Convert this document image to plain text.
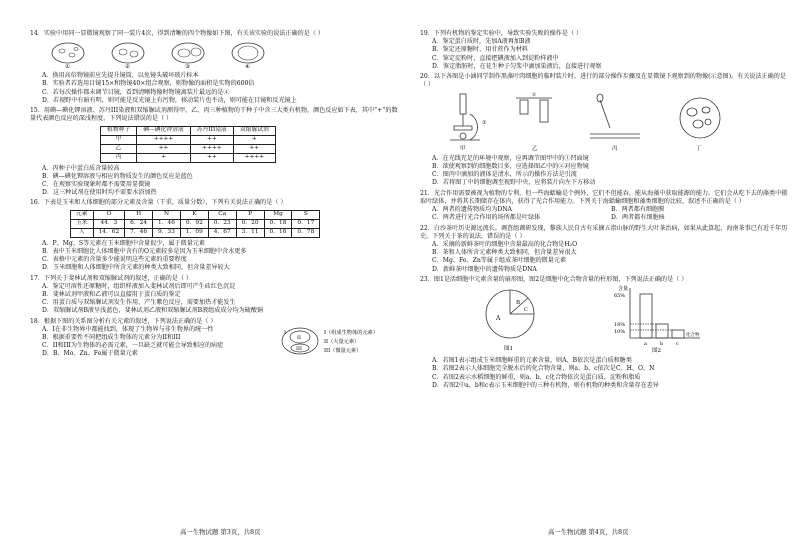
14．实验中用同一显微镜观察了同一装片4次，得到清晰的四个物像如下图，有关该实验的说法正确的是（ ）
①	②	③	④
A．换用高倍物镜前应先提升镜筒，以免镜头破坏玻片标本
B．实验者若选用目镜15×和物镜40×组合观察，则物像的面积是实物的600倍
C．若每次操作都未调节目镜，看到清晰物像时物镜离装片最远的是④
D．若视野中有暗有明，则可能是反光镜上有污物，移动装片也不动，则可能在目镜和反光镜上
15．用碘—碘化钾溶液、苏丹III染液和双缩脲试剂测得甲、乙、丙三种植物的干种子中含三大类有机物，颜色反应如下表，其中“+”的数量代表颜色反应的深浅程度，下列说法错误的是（ ）
植物种子	碘—碘化钾溶液	苏丹III染液	双缩脲试剂
甲	++++	++	+
乙	++	++++	++
丙	+	++	++++
A．丙种子中蛋白质含量较高
B．碘—碘化钾溶液与相应的物质发生的颜色反应是蓝色
C．在观察实验现象时都不需要用显微镜
D．这三种试剂在使用时均不需要水浴加热
16．下表是玉米和人体细胞的部分元素及含量（干重，质量分数），下列有关说法正确的是（ ）
元素	O	H	N	K	Ca	P	Mg	S
玉米	44．3	6．24	1．46	0．92	0．23	0．20	0．18	0．17
人	14．62	7．46	9．33	1．09	4．67	3．11	0．16	0．78
A．P、Mg、S等元素在玉米细胞中含量很少，属于微量元素
B．表中玉米细胞比人体细胞中含有的O元素较多是因为玉米细胞中含水更多
C．表格中元素的含量多少能说明这些元素的重要程度
D．玉米细胞和人体细胞中所含元素的种类大致相同，但含量差异较大
17．下列关于斐林试剂和双缩脲试剂的叙述，正确的是（ ）
A．鉴定可溶性还原糖时，组织样液加入斐林试剂后即可产生砖红色沉淀
B．斐林试剂甲液和乙液可以直接用于蛋白质的鉴定
C．用蛋白质与双缩脲试剂发生作用，产生紫色反应，需要加热才能发生
D．双缩脲试剂B液呈浅蓝色，斐林试剂乙液和双缩脲试剂B液组成成分均为硫酸铜
18．根据下图的关系图分析有关元素的叙述，下列说法正确的是（ ）
I
II
III
I（组成生物体的元素）
II（大量元素）
III（微量元素）
A．I在非生物界中都能找到，体现了生物界与非生物界的统一性
B．根据重要性不同把组成生物体的元素分为II和III
C．II和III为生物体的必需元素，一旦缺乏就可能会导致相应的病症
D．B、Mo、Zn、Fe属于微量元素
19．下列有机物的鉴定实验中，导致实验失败的操作是（ ）
A．鉴定蛋白质时，先加A液再加B液
B．鉴定还原糖时，用甘蔗作为材料
C．鉴定淀粉时，直接把碘液加入到淀粉样液中
D．鉴定脂肪时，在花生种子匀浆中滴加染液后，直接进行观察
20．以下各图是小涵同学制作黑藻叶肉细胞的临时装片时，进行的部分操作步骤及在显微镜下观察到的物像(示意图)。有关说法正确的是（ ）
①
②
甲	乙	丙	丁
A．在光线充足的环境中观察，应再调节图甲中的①凹面镜
B．欲使观察到的细胞数目多，应选择图乙中的②对应物镜
C．图丙中滴加的液体是清水，所示的操作方法是引流
D．若将图丁中的细胞调至视野中央，应将装片向左下方移动
21．光合作用需要被视为植物的专利，但一些海蛞蝓是个例外，它们不但能吞，能从海藻中获取能源的能力。它们会从吃下去的藻类中摄取叶绿体，并将其长期储存在体内，获得了光合作用能力。下列关于海蛞蝓细胞和藻类细胞的比较，叙述不正确的是（ ）
A．两者的遗传物质均为DNA	B．两者都有细胞膜
C．两者进行光合作用的场所都是叶绿体	D．两者都有细胞核
22．白沙茶叶历史源远流长。调查组调研发现，黎族人民自古有采摘五指山脉的野生大叶茶治病，如果从此算起，海南茶事已有近千年历史。下列关于茶的说法，错误的是（ ）
A．采摘的新鲜茶叶的细胞中含量最高的化合物是H₂O
B．茶和人体所含元素种类大致相同，但含量差异很大
C．Mg、Fe、Zn等属于组成茶叶细胞的微量元素
D．新鲜茶叶细胞中的遗传物质是DNA
23．图1是活细胞中元素含量的扇形图，图2是细胞中化合物含量的柱形图，下列说法正确的是（ ）
A
B
C
图1
含量
65%
18%
10%
a	b	c
化合物
图2
A．若图1表示组成玉米细胞鲜重的元素含量，则A、B依次是蛋白质和糖类
B．若图2表示人体细胞完全脱水后的化合物含量，则a、b、c依次是C、H、O、N
C．若图2表示水稻细胞的鲜重，则a、b、c化合物依次是蛋白质、淀粉和脂质
D．若图2中a、b和c表示玉米细胞中的三种有机物，则有机物的种类和含量存在差异
高一生物试题 第3页，共8页	高一生物试题 第4页，共8页
